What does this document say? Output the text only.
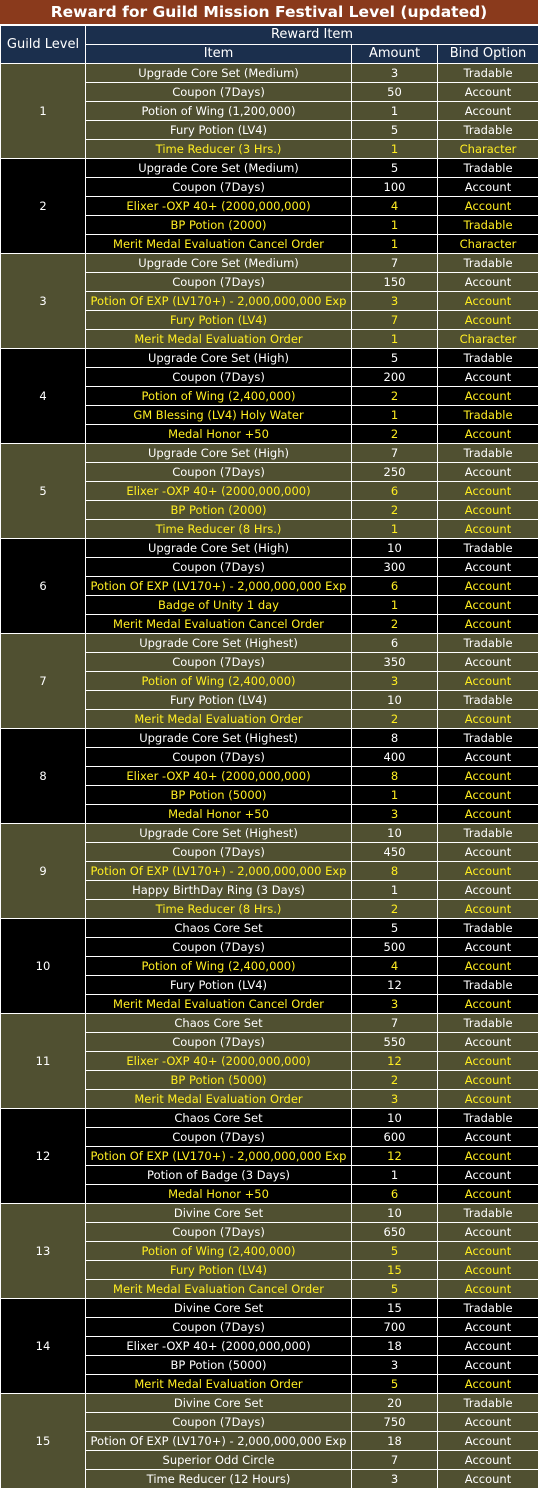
Reward for Guild Mission Festival Level (updated)
Guild Level	Reward Item		
	Item	Amount	Bind Option
1	Upgrade Core Set (Medium)	3	Tradable
	Coupon (7Days)	50	Account
	Potion of Wing (1,200,000)	1	Account
	Fury Potion (LV4)	5	Tradable
	Time Reducer (3 Hrs.)	1	Character
2	Upgrade Core Set (Medium)	5	Tradable
	Coupon (7Days)	100	Account
	Elixer -OXP 40+ (2000,000,000)	4	Account
	BP Potion (2000)	1	Tradable
	Merit Medal Evaluation Cancel Order	1	Character
3	Upgrade Core Set (Medium)	7	Tradable
	Coupon (7Days)	150	Account
	Potion Of EXP (LV170+) - 2,000,000,000 Exp	3	Account
	Fury Potion (LV4)	7	Account
	Merit Medal Evaluation Order	1	Character
4	Upgrade Core Set (High)	5	Tradable
	Coupon (7Days)	200	Account
	Potion of Wing (2,400,000)	2	Account
	GM Blessing (LV4) Holy Water	1	Tradable
	Medal Honor +50	2	Account
5	Upgrade Core Set (High)	7	Tradable
	Coupon (7Days)	250	Account
	Elixer -OXP 40+ (2000,000,000)	6	Account
	BP Potion (2000)	2	Account
	Time Reducer (8 Hrs.)	1	Account
6	Upgrade Core Set (High)	10	Tradable
	Coupon (7Days)	300	Account
	Potion Of EXP (LV170+) - 2,000,000,000 Exp	6	Account
	Badge of Unity 1 day	1	Account
	Merit Medal Evaluation Cancel Order	2	Account
7	Upgrade Core Set (Highest)	6	Tradable
	Coupon (7Days)	350	Account
	Potion of Wing (2,400,000)	3	Account
	Fury Potion (LV4)	10	Tradable
	Merit Medal Evaluation Order	2	Account
8	Upgrade Core Set (Highest)	8	Tradable
	Coupon (7Days)	400	Account
	Elixer -OXP 40+ (2000,000,000)	8	Account
	BP Potion (5000)	1	Account
	Medal Honor +50	3	Account
9	Upgrade Core Set (Highest)	10	Tradable
	Coupon (7Days)	450	Account
	Potion Of EXP (LV170+) - 2,000,000,000 Exp	8	Account
	Happy BirthDay Ring (3 Days)	1	Account
	Time Reducer (8 Hrs.)	2	Account
10	Chaos Core Set	5	Tradable
	Coupon (7Days)	500	Account
	Potion of Wing (2,400,000)	4	Account
	Fury Potion (LV4)	12	Tradable
	Merit Medal Evaluation Cancel Order	3	Account
11	Chaos Core Set	7	Tradable
	Coupon (7Days)	550	Account
	Elixer -OXP 40+ (2000,000,000)	12	Account
	BP Potion (5000)	2	Account
	Merit Medal Evaluation Order	3	Account
12	Chaos Core Set	10	Tradable
	Coupon (7Days)	600	Account
	Potion Of EXP (LV170+) - 2,000,000,000 Exp	12	Account
	Potion of Badge (3 Days)	1	Account
	Medal Honor +50	6	Account
13	Divine Core Set	10	Tradable
	Coupon (7Days)	650	Account
	Potion of Wing (2,400,000)	5	Account
	Fury Potion (LV4)	15	Account
	Merit Medal Evaluation Cancel Order	5	Account
14	Divine Core Set	15	Tradable
	Coupon (7Days)	700	Account
	Elixer -OXP 40+ (2000,000,000)	18	Account
	BP Potion (5000)	3	Account
	Merit Medal Evaluation Order	5	Account
15	Divine Core Set	20	Tradable
	Coupon (7Days)	750	Account
	Potion Of EXP (LV170+) - 2,000,000,000 Exp	18	Account
	Superior Odd Circle	7	Account
	Time Reducer (12 Hours)	3	Account
